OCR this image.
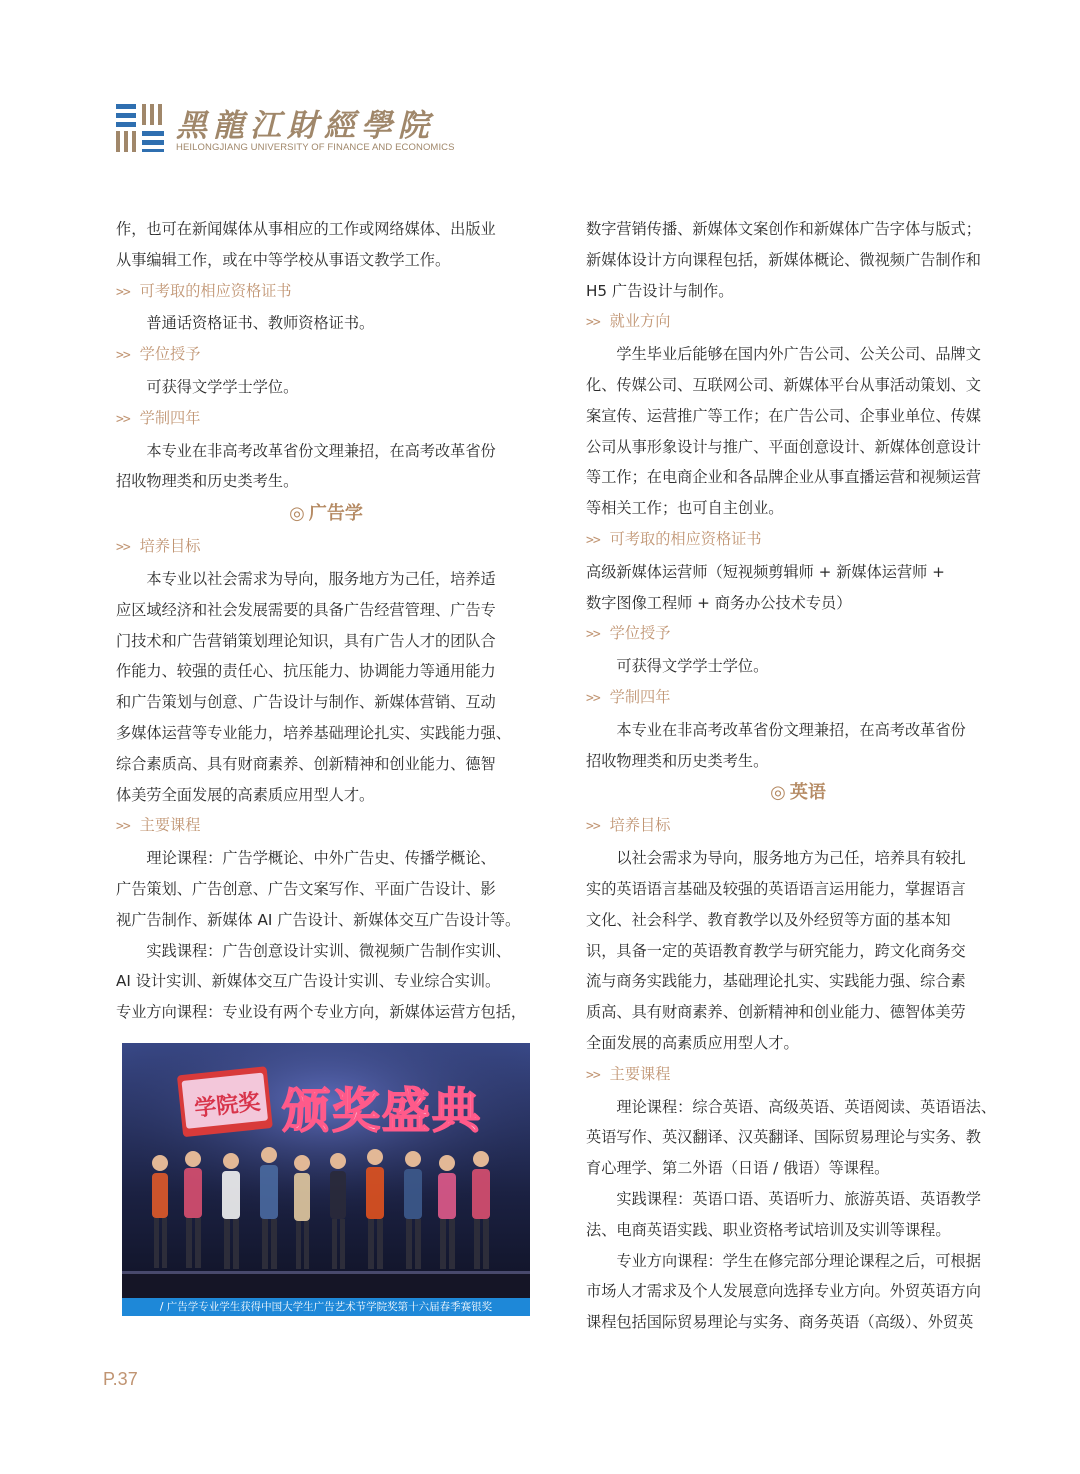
黑龍江財經學院
HEILONGJIANG UNIVERSITY OF FINANCE AND ECONOMICS

作，也可在新闻媒体从事相应的工作或网络媒体、出版业

从事编辑工作，或在中等学校从事语文教学工作。

>> 可考取的相应资格证书

普通话资格证书、教师资格证书。

>> 学位授予

可获得文学学士学位。

>> 学制四年

本专业在非高考改革省份文理兼招，在高考改革省份

招收物理类和历史类考生。

◎ 广告学

>> 培养目标

本专业以社会需求为导向，服务地方为己任，培养适

应区域经济和社会发展需要的具备广告经营管理、广告专

门技术和广告营销策划理论知识，具有广告人才的团队合

作能力、较强的责任心、抗压能力、协调能力等通用能力

和广告策划与创意、广告设计与制作、新媒体营销、互动

多媒体运营等专业能力，培养基础理论扎实、实践能力强、

综合素质高、具有财商素养、创新精神和创业能力、德智

体美劳全面发展的高素质应用型人才。

>> 主要课程

理论课程：广告学概论、中外广告史、传播学概论、

广告策划、广告创意、广告文案写作、平面广告设计、影

视广告制作、新媒体 AI 广告设计、新媒体交互广告设计等。

实践课程：广告创意设计实训、微视频广告制作实训、

AI 设计实训、新媒体交互广告设计实训、专业综合实训。

专业方向课程：专业设有两个专业方向，新媒体运营方包括，

学院奖 颁奖盛典
/ 广告学专业学生获得中国大学生广告艺术节学院奖第十六届春季赛银奖

数字营销传播、新媒体文案创作和新媒体广告字体与版式；

新媒体设计方向课程包括，新媒体概论、微视频广告制作和

H5 广告设计与制作。

>> 就业方向

学生毕业后能够在国内外广告公司、公关公司、品牌文

化、传媒公司、互联网公司、新媒体平台从事活动策划、文

案宣传、运营推广等工作；在广告公司、企事业单位、传媒

公司从事形象设计与推广、平面创意设计、新媒体创意设计

等工作；在电商企业和各品牌企业从事直播运营和视频运营

等相关工作；也可自主创业。

>> 可考取的相应资格证书

高级新媒体运营师（短视频剪辑师 + 新媒体运营师 +

数字图像工程师 + 商务办公技术专员）

>> 学位授予

可获得文学学士学位。

>> 学制四年

本专业在非高考改革省份文理兼招，在高考改革省份

招收物理类和历史类考生。

◎ 英语

>> 培养目标

以社会需求为导向，服务地方为己任，培养具有较扎

实的英语语言基础及较强的英语语言运用能力，掌握语言

文化、社会科学、教育教学以及外经贸等方面的基本知

识，具备一定的英语教育教学与研究能力，跨文化商务交

流与商务实践能力，基础理论扎实、实践能力强、综合素

质高、具有财商素养、创新精神和创业能力、德智体美劳

全面发展的高素质应用型人才。

>> 主要课程

理论课程：综合英语、高级英语、英语阅读、英语语法、

英语写作、英汉翻译、汉英翻译、国际贸易理论与实务、教

育心理学、第二外语（日语 / 俄语）等课程。

实践课程：英语口语、英语听力、旅游英语、英语教学

法、电商英语实践、职业资格考试培训及实训等课程。

专业方向课程：学生在修完部分理论课程之后，可根据

市场人才需求及个人发展意向选择专业方向。外贸英语方向

课程包括国际贸易理论与实务、商务英语（高级）、外贸英

P.37
